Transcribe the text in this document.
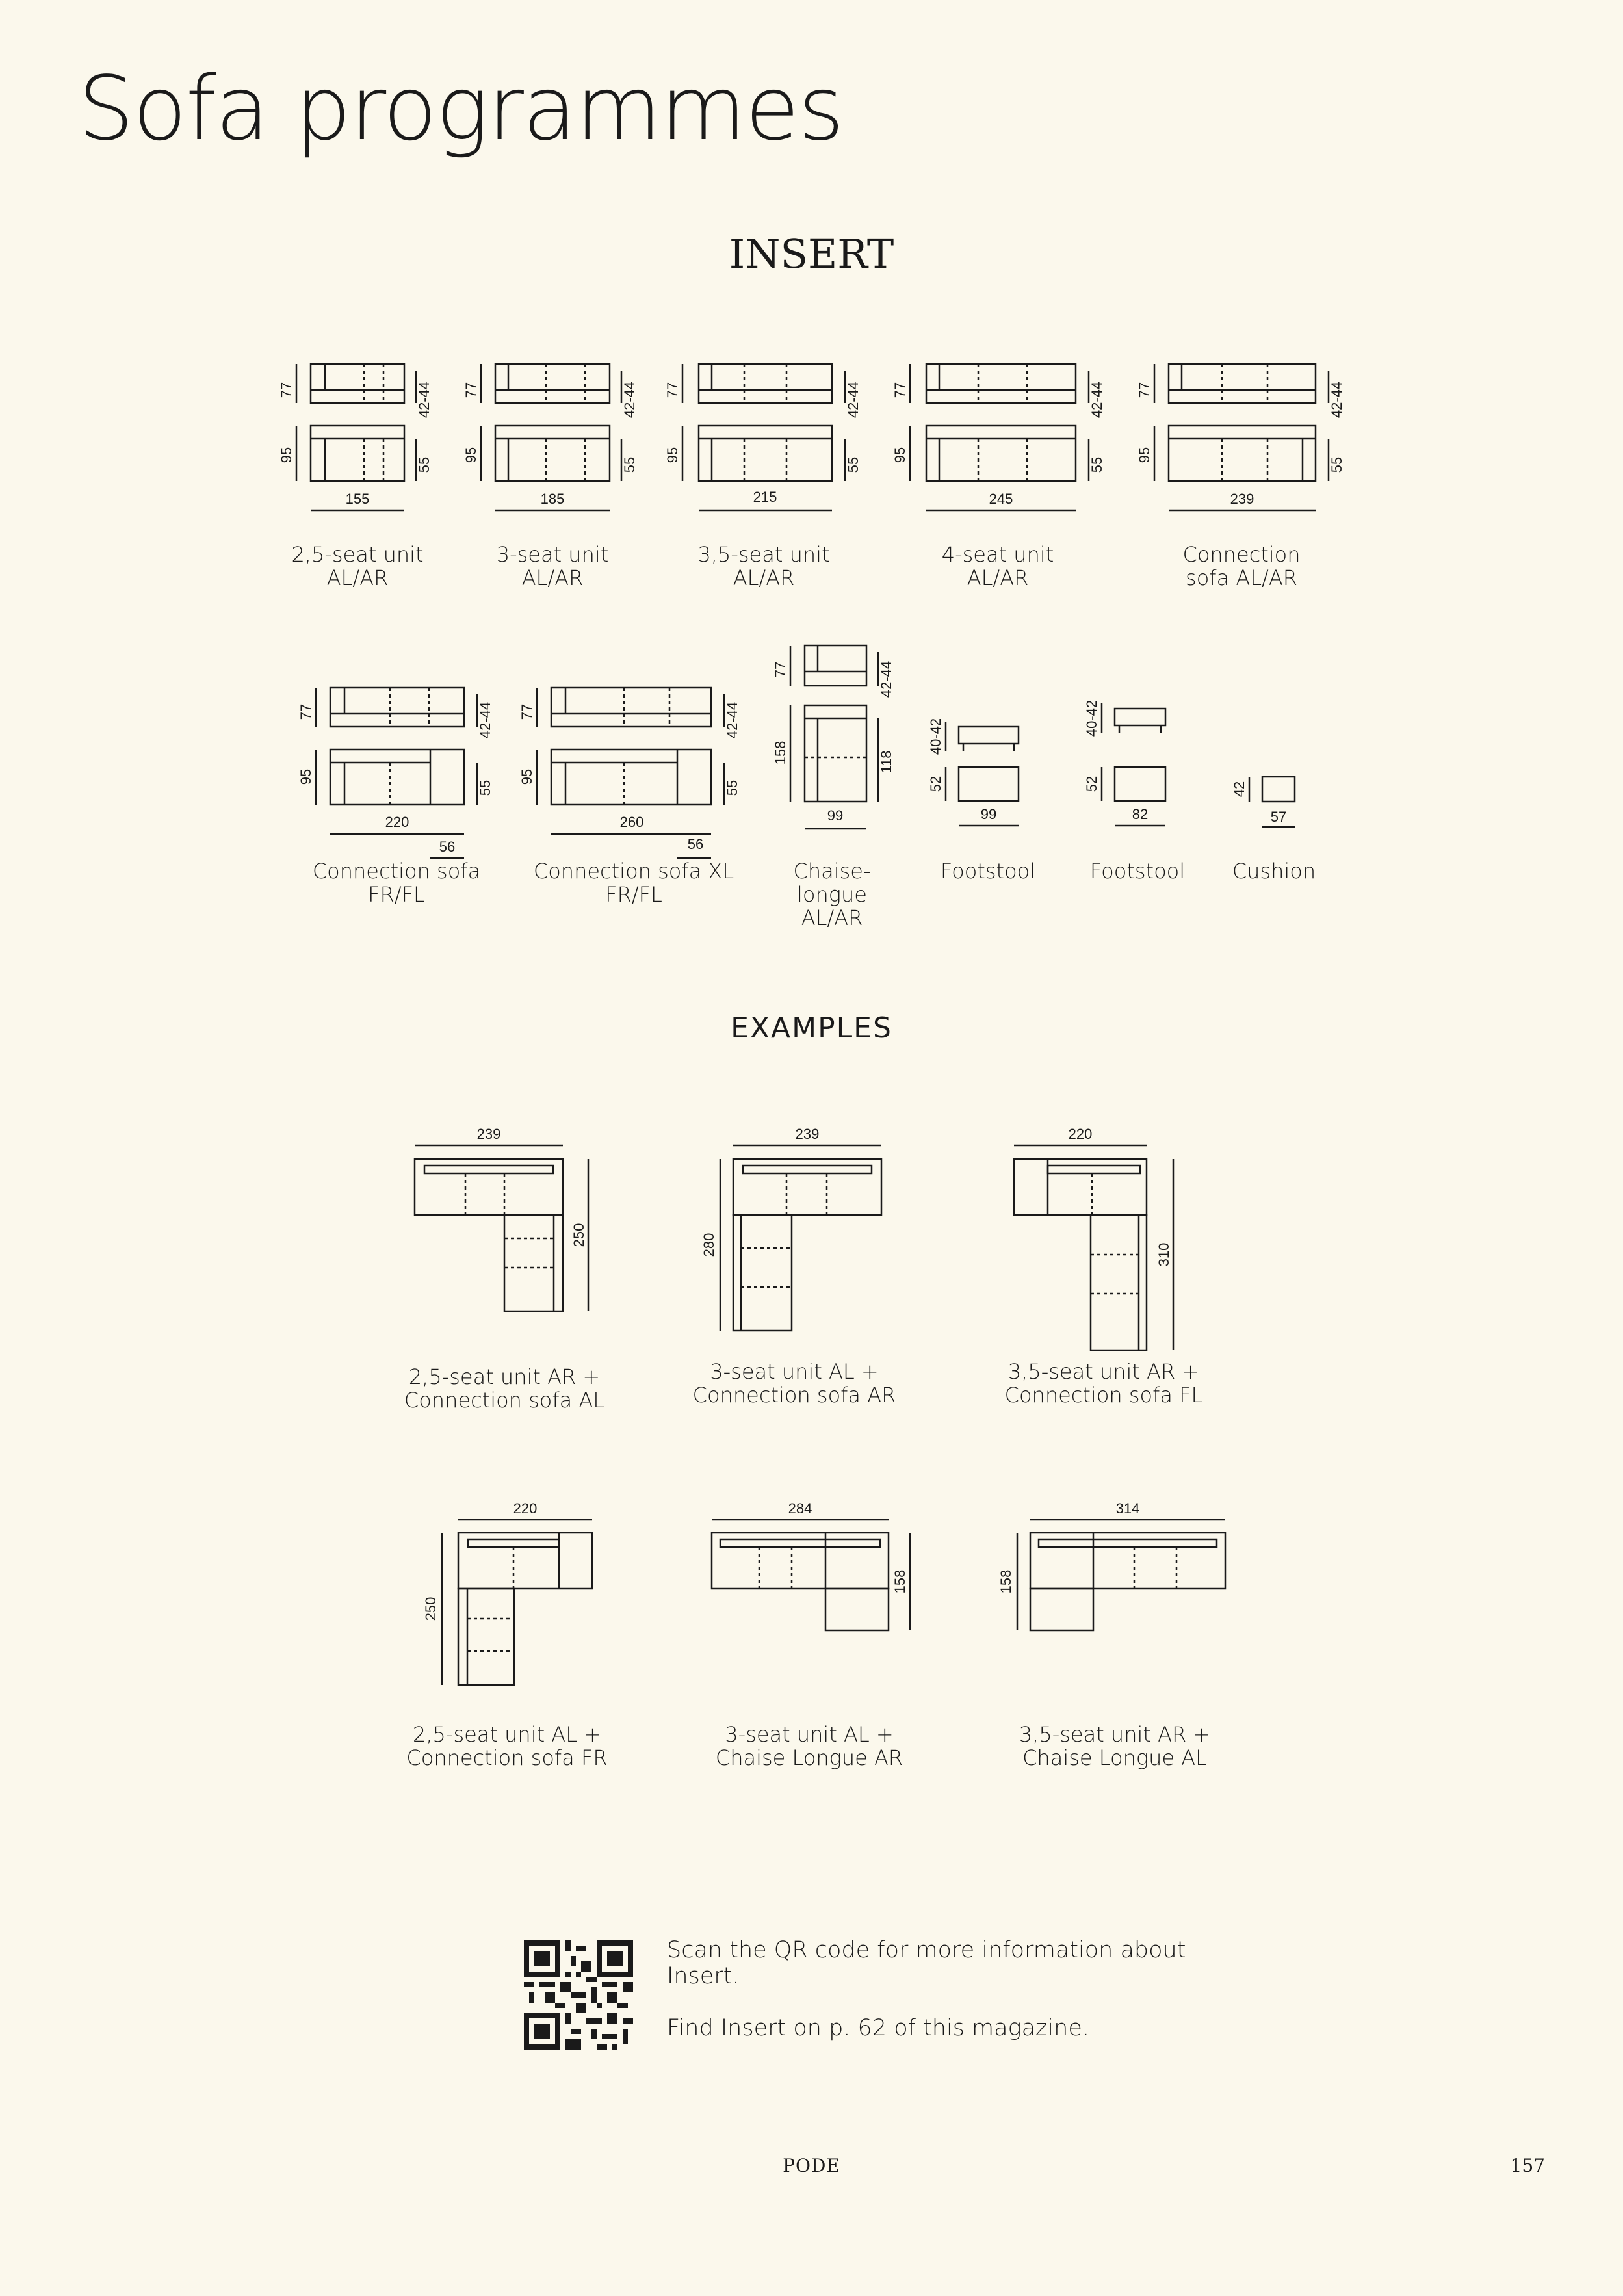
Sofa programmes
INSERT
155
77	42-44
95
55
185
77	42-44
95
55
215
77	42-44
95
55
245
77	42-44
95
55
239
77	42-44
95
55
220
56
77	42-44
95
55
260
56
77	42-44
95
55
99
77	42-44
158	118
99
40-42
52
82
40-42
52
57
42
239
250
239
280
220
310
220
250
284
158
314
158
2,5-seat unit
AL/AR
3-seat unit
AL/AR
3,5-seat unit
AL/AR
4-seat unit
AL/AR
Connection
sofa AL/AR
Connection sofa
FR/FL
Connection sofa XL
FR/FL
Chaise-
longue
AL/AR
Footstool	Footstool	Cushion
EXAMPLES
2,5-seat unit AR +
Connection sofa AL
3-seat unit AL +
Connection sofa AR
3,5-seat unit AR +
Connection sofa FL
2,5-seat unit AL +
Connection sofa FR
3-seat unit AL +
Chaise Longue AR
3,5-seat unit AR +
Chaise Longue AL

Scan the QR code for more information about Insert.

Find Insert on p. 62 of this magazine.

PODE	157
